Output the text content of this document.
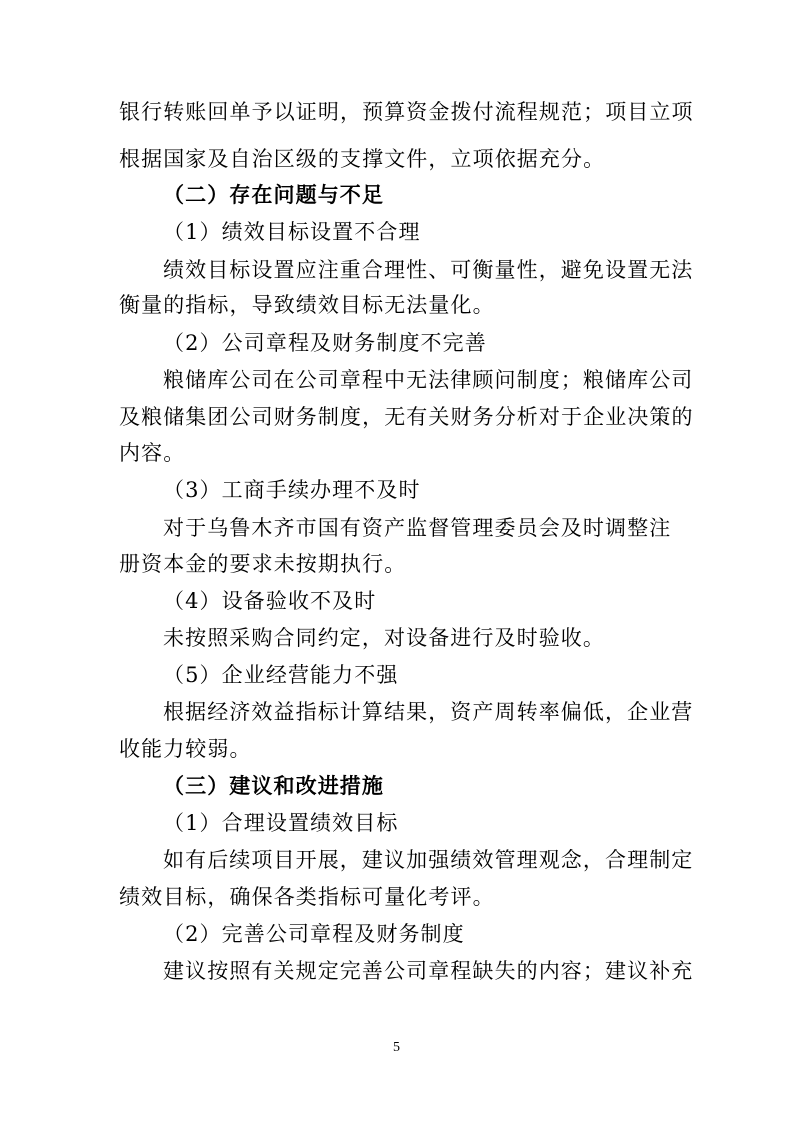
银行转账回单予以证明，预算资金拨付流程规范；项目立项
根据国家及自治区级的支撑文件，立项依据充分。
（二）存在问题与不足
（1）绩效目标设置不合理
绩效目标设置应注重合理性、可衡量性，避免设置无法
衡量的指标，导致绩效目标无法量化。
（2）公司章程及财务制度不完善
粮储库公司在公司章程中无法律顾问制度；粮储库公司
及粮储集团公司财务制度，无有关财务分析对于企业决策的
内容。
（3）工商手续办理不及时
对于乌鲁木齐市国有资产监督管理委员会及时调整注
册资本金的要求未按期执行。
（4）设备验收不及时
未按照采购合同约定，对设备进行及时验收。
（5）企业经营能力不强
根据经济效益指标计算结果，资产周转率偏低，企业营
收能力较弱。
（三）建议和改进措施
（1）合理设置绩效目标
如有后续项目开展，建议加强绩效管理观念，合理制定
绩效目标，确保各类指标可量化考评。
（2）完善公司章程及财务制度
建议按照有关规定完善公司章程缺失的内容；建议补充
5
